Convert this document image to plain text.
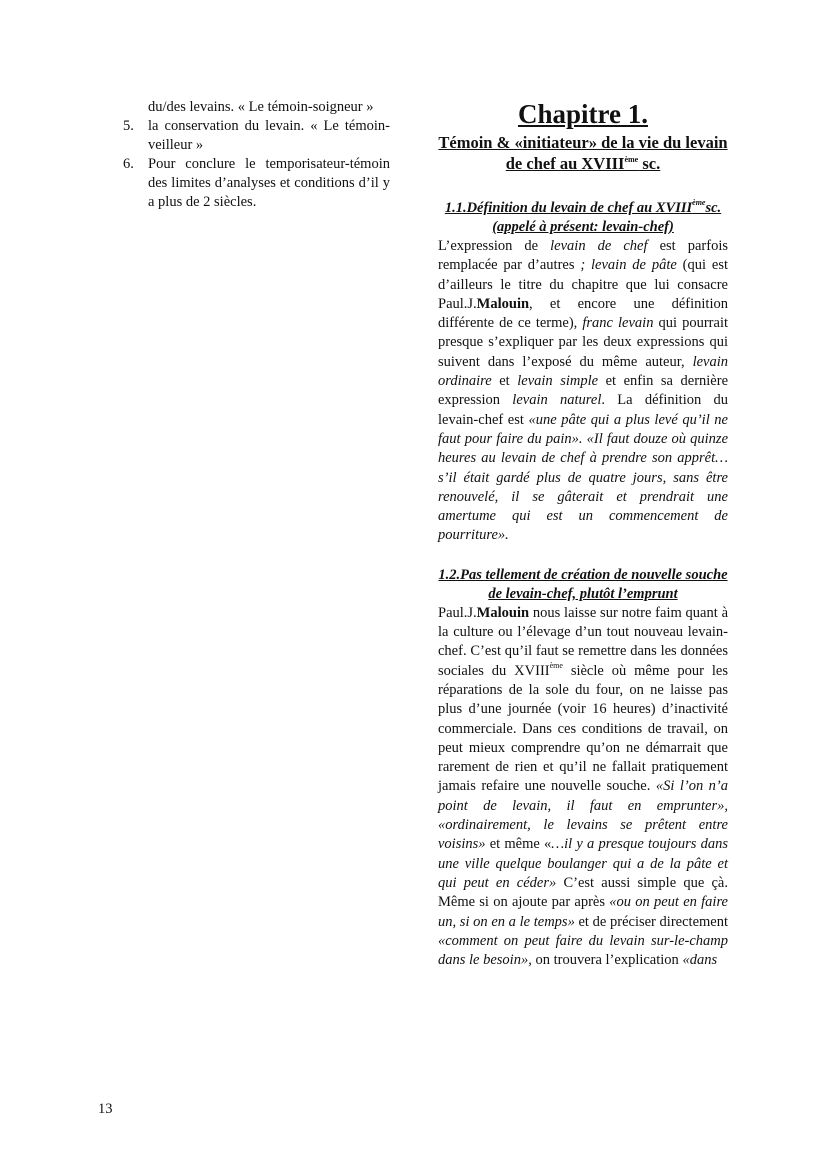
du/des levains. « Le témoin-soigneur »
5. la conservation du levain. « Le témoin-veilleur »
6. Pour conclure le temporisateur-témoin des limites d’analyses et conditions d’il y a plus de 2 siècles.
Chapitre 1.
Témoin & «initiateur» de la vie du levain de chef au XVIIIème sc.
1.1.Définition du levain de chef au XVIIIèmesc.(appelé à présent: levain-chef)

L’expression de levain de chef est parfois remplacée par d’autres ; levain de pâte (qui est d’ailleurs le titre du chapitre que lui consacre Paul.J.Malouin, et encore une définition différente de ce terme), franc levain qui pourrait presque s’expliquer par les deux expressions qui suivent dans l’exposé du même auteur, levain ordinaire et levain simple et enfin sa dernière expression levain naturel. La définition du levain-chef est «une pâte qui a plus levé qu’il ne faut pour faire du pain». «Il faut douze où quinze heures au levain de chef à prendre son apprêt…s’il était gardé plus de quatre jours, sans être renouvelé, il se gâterait et prendrait une amertume qui est un commencement de pourriture».

1.2.Pas tellement de création de nouvelle souche de levain-chef, plutôt l’emprunt

Paul.J.Malouin nous laisse sur notre faim quant à la culture ou l’élevage d’un tout nouveau levain-chef. C’est qu’il faut se remettre dans les données sociales du XVIIIème siècle où même pour les réparations de la sole du four, on ne laisse pas plus d’une journée (voir 16 heures) d’inactivité commerciale. Dans ces conditions de travail, on peut mieux comprendre qu’on ne démarrait que rarement de rien et qu’il ne fallait pratiquement jamais refaire une nouvelle souche. «Si l’on n’a point de levain, il faut en emprunter», «ordinairement, le levains se prêtent entre voisins» et même «…il y a presque toujours dans une ville quelque boulanger qui a de la pâte et qui peut en céder» C’est aussi simple que çà. Même si on ajoute par après «ou on peut en faire un, si on en a le temps» et de préciser directement «comment on peut faire du levain sur-le-champ dans le besoin», on trouvera l’explication «dans

13
